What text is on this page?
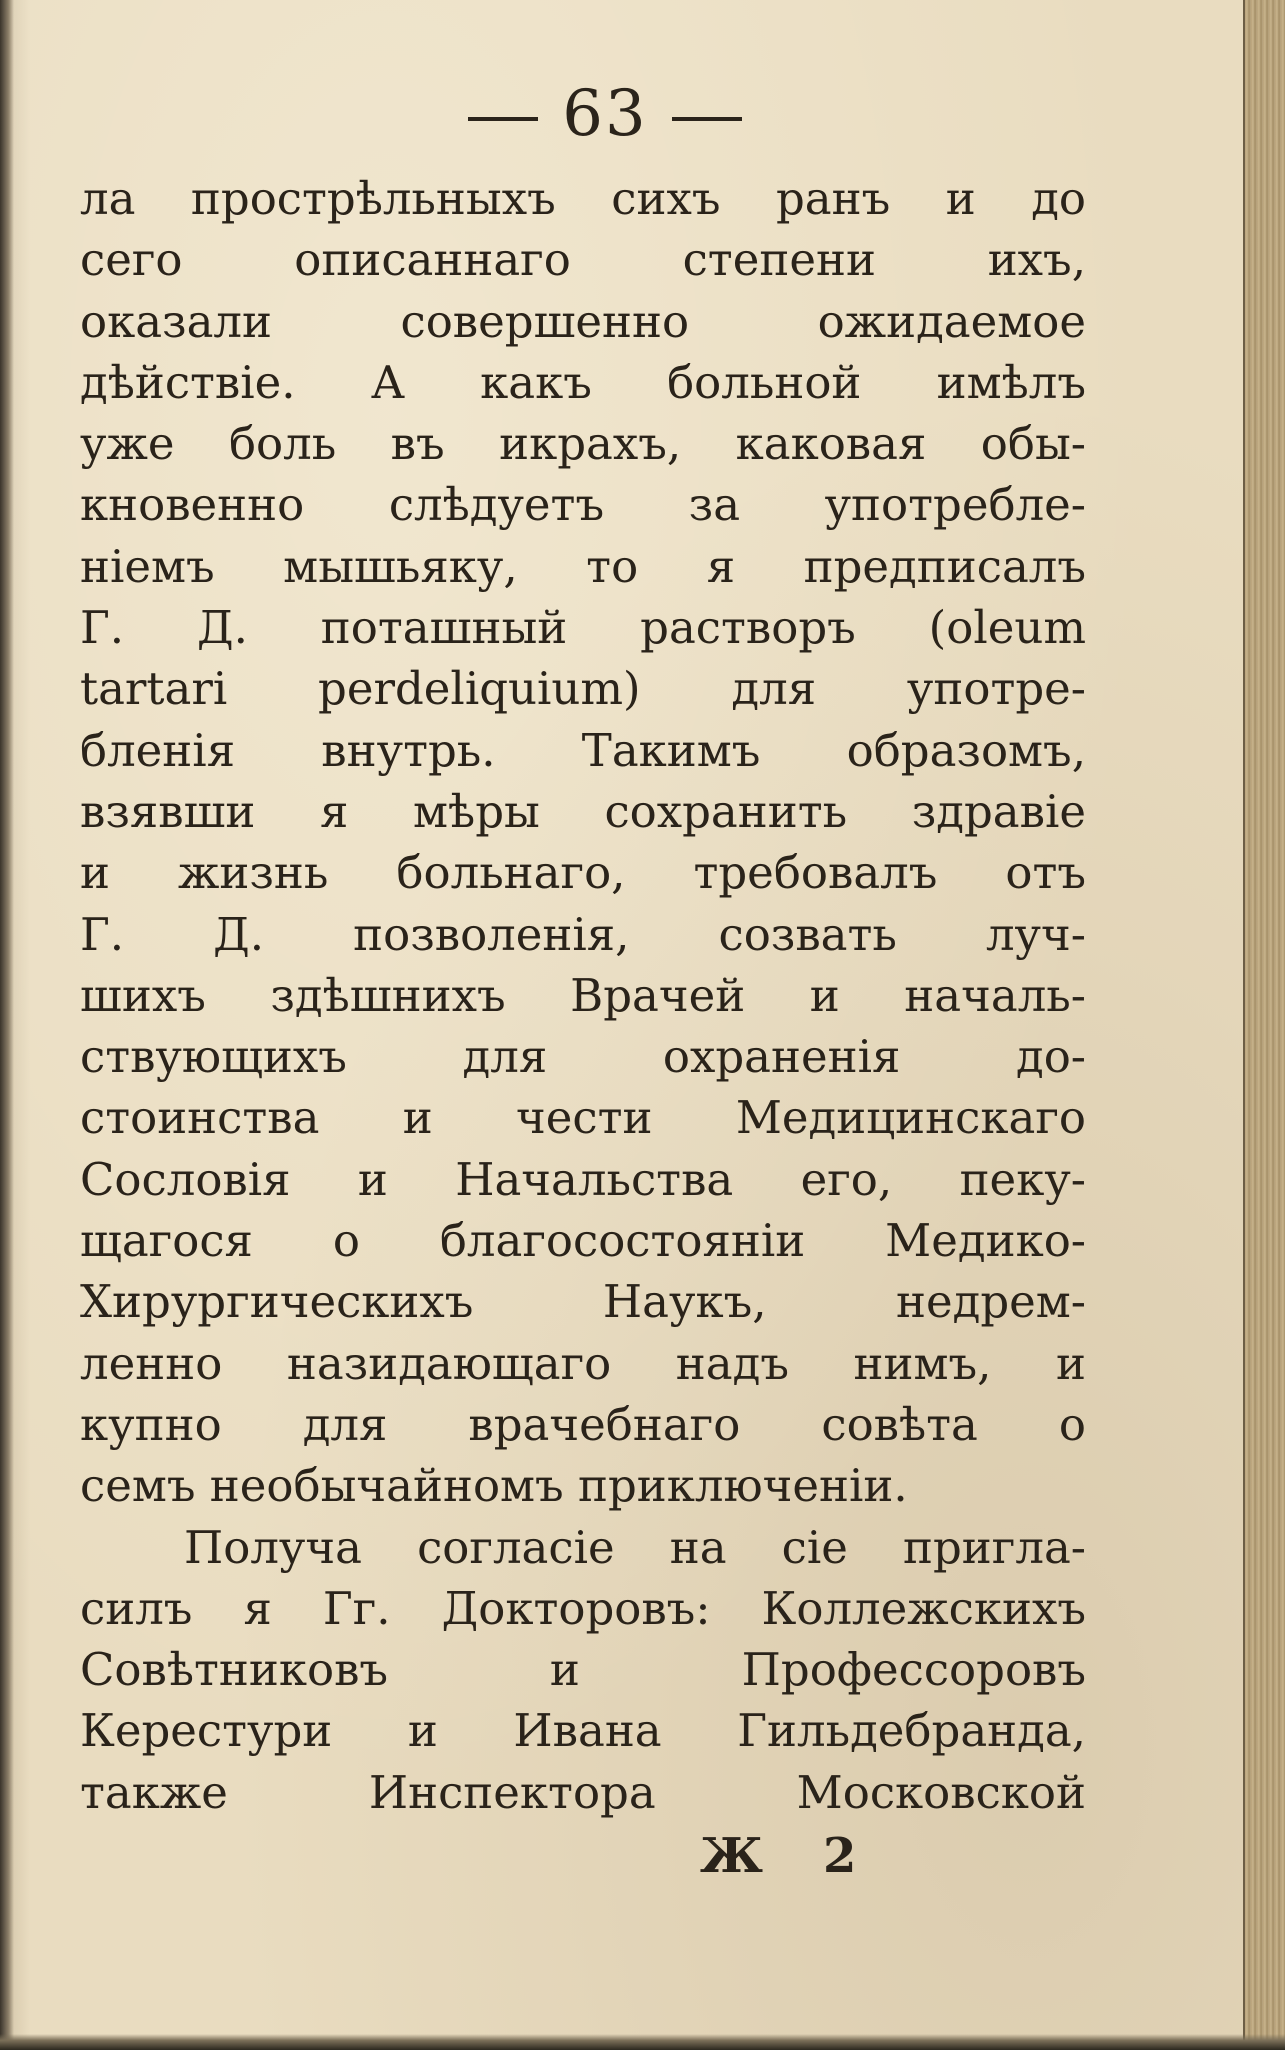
63
ла прострѣльныхъ сихъ ранъ и до
сего описаннаго степени ихъ,
оказали совершенно ожидаемое
дѣйствіе. А какъ больной имѣлъ
уже боль въ икрахъ, каковая обы-
кновенно слѣдуетъ за употребле-
ніемъ мышьяку, то я предписалъ
Г. Д. поташный растворъ (oleum
tartari perdeliquium) для употре-
бленія внутрь. Такимъ образомъ,
взявши я мѣры сохранить здравіе
и жизнь больнаго, требовалъ отъ
Г. Д. позволенія, созвать луч-
шихъ здѣшнихъ Врачей и началь-
ствующихъ для охраненія до-
стоинства и чести Медицинскаго
Сословія и Начальства его, пеку-
щагося о благосостояніи Медико-
Хирургическихъ Наукъ, недрем-
ленно назидающаго надъ нимъ, и
купно для врачебнаго совѣта о
семъ необычайномъ приключеніи.
Получа согласіе на сіе пригла-
силъ я Гг. Докторовъ: Коллежскихъ
Совѣтниковъ и Профессоровъ
Керестури и Ивана Гильдебранда,
также Инспектора Московской
Ж 2
